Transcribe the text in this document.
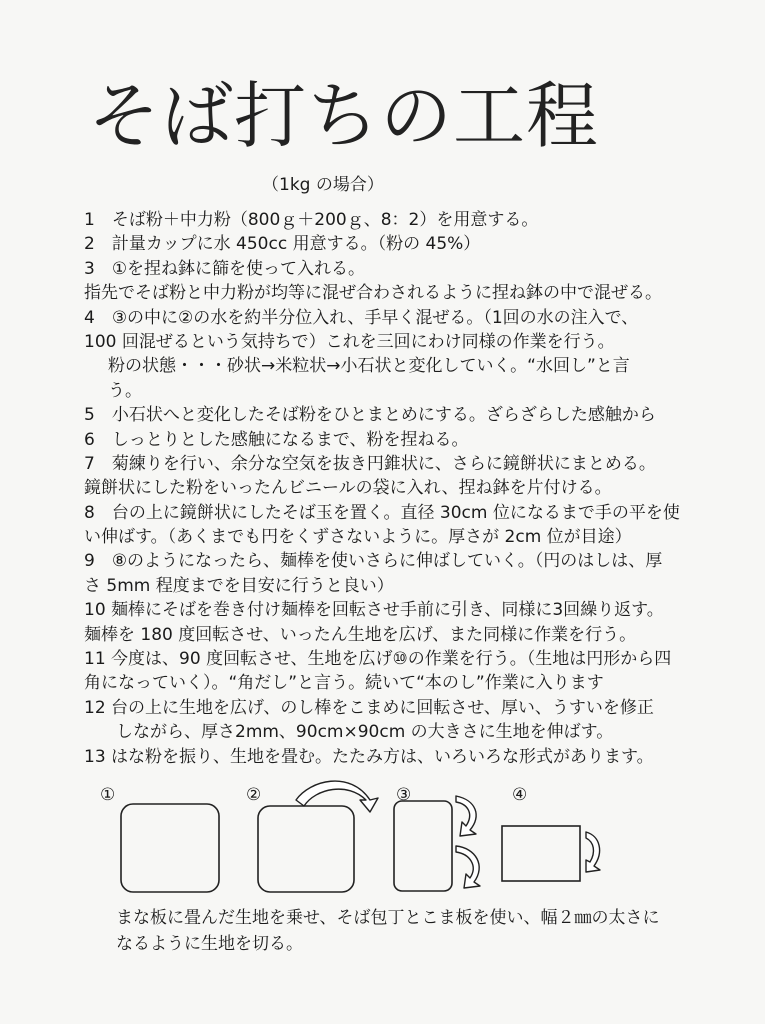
そば打ちの工程
（1kg の場合）
1　そば粉＋中力粉（800ｇ＋200ｇ、8：2）を用意する。
2　計量カップに水 450cc 用意する。（粉の 45%）
3　①を捏ね鉢に篩を使って入れる。
指先でそば粉と中力粉が均等に混ぜ合わされるように捏ね鉢の中で混ぜる。
4　③の中に②の水を約半分位入れ、手早く混ぜる。（1回の水の注入で、
100 回混ぜるという気持ちで）これを三回にわけ同様の作業を行う。
粉の状態・・・砂状→米粒状→小石状と変化していく。“水回し”と言
う。
5　小石状へと変化したそば粉をひとまとめにする。ざらざらした感触から
6　しっとりとした感触になるまで、粉を捏ねる。
7　菊練りを行い、余分な空気を抜き円錐状に、さらに鏡餅状にまとめる。
鏡餅状にした粉をいったんビニールの袋に入れ、捏ね鉢を片付ける。
8　台の上に鏡餅状にしたそば玉を置く。直径 30cm 位になるまで手の平を使
い伸ばす。（あくまでも円をくずさないように。厚さが 2cm 位が目途）
9　⑧のようになったら、麺棒を使いさらに伸ばしていく。（円のはしは、厚
さ 5mm 程度までを目安に行うと良い）
10 麺棒にそばを巻き付け麺棒を回転させ手前に引き、同様に3回繰り返す。
麺棒を 180 度回転させ、いったん生地を広げ、また同様に作業を行う。
11 今度は、90 度回転させ、生地を広げ⑩の作業を行う。（生地は円形から四
角になっていく）。“角だし”と言う。続いて“本のし”作業に入ります
12 台の上に生地を広げ、のし棒をこまめに回転させ、厚い、うすいを修正
しながら、厚さ2mm、90cm×90cm の大きさに生地を伸ばす。
13 はな粉を振り、生地を畳む。たたみ方は、いろいろな形式があります。
①	②	③	④
まな板に畳んだ生地を乗せ、そば包丁とこま板を使い、幅２㎜の太さに
なるように生地を切る。
